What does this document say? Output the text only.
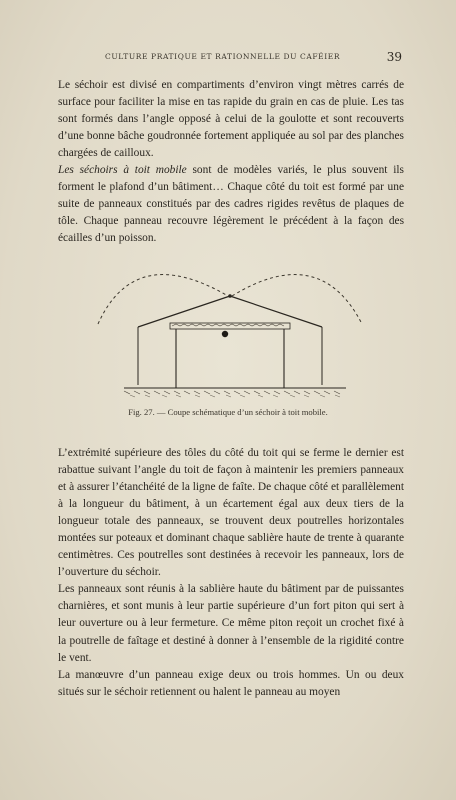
CULTURE PRATIQUE ET RATIONNELLE DU CAFÉIER	39

Le séchoir est divisé en compartiments d’environ vingt mètres carrés de surface pour faciliter la mise en tas rapide du grain en cas de pluie. Les tas sont formés dans l’angle opposé à celui de la goulotte et sont recouverts d’une bonne bâche goudronnée fortement appliquée au sol par des planches chargées de cailloux.

Les séchoirs à toit mobile sont de modèles variés, le plus souvent ils forment le plafond d’un bâtiment… Chaque côté du toit est formé par une suite de panneaux constitués par des cadres rigides revêtus de plaques de tôle. Chaque panneau recouvre légèrement le précédent à la façon des écailles d’un poisson.

Fig. 27. — Coupe schématique d’un séchoir à toit mobile.

L’extrémité supérieure des tôles du côté du toit qui se ferme le dernier est rabattue suivant l’angle du toit de façon à maintenir les premiers panneaux et à assurer l’étanchéité de la ligne de faîte. De chaque côté et parallèlement à la longueur du bâtiment, à un écartement égal aux deux tiers de la longueur totale des panneaux, se trouvent deux poutrelles horizontales montées sur poteaux et dominant chaque sablière haute de trente à quarante centimètres. Ces poutrelles sont destinées à recevoir les panneaux, lors de l’ouverture du séchoir.

Les panneaux sont réunis à la sablière haute du bâtiment par de puissantes charnières, et sont munis à leur partie supérieure d’un fort piton qui sert à leur ouverture ou à leur fermeture. Ce même piton reçoit un crochet fixé à la poutrelle de faîtage et destiné à donner à l’ensemble de la rigidité contre le vent.

La manœuvre d’un panneau exige deux ou trois hommes. Un ou deux situés sur le séchoir retiennent ou halent le panneau au moyen
